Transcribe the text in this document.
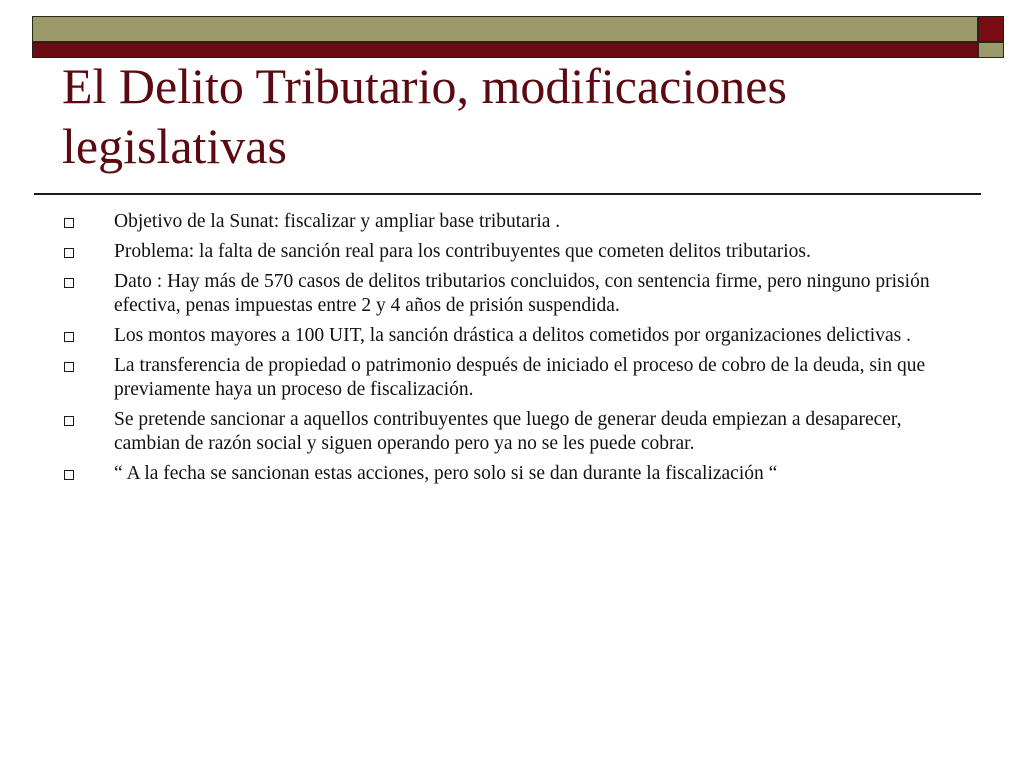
El Delito Tributario, modificaciones legislativas
Objetivo de la Sunat: fiscalizar y ampliar base tributaria .
Problema: la falta de sanción real para los contribuyentes que cometen delitos tributarios.
Dato : Hay más de 570 casos de delitos tributarios concluidos, con sentencia firme, pero ninguno prisión efectiva, penas impuestas entre 2 y 4 años de prisión suspendida.
Los montos mayores a 100 UIT, la sanción drástica a delitos cometidos por organizaciones delictivas .
La transferencia de propiedad o patrimonio después de iniciado el proceso de cobro de la deuda, sin que previamente haya un proceso de fiscalización.
Se pretende sancionar a aquellos contribuyentes que luego de generar deuda empiezan a desaparecer, cambian de razón social y siguen operando pero ya no se les puede cobrar.
“ A la fecha se sancionan estas acciones, pero solo si se dan durante la fiscalización “
